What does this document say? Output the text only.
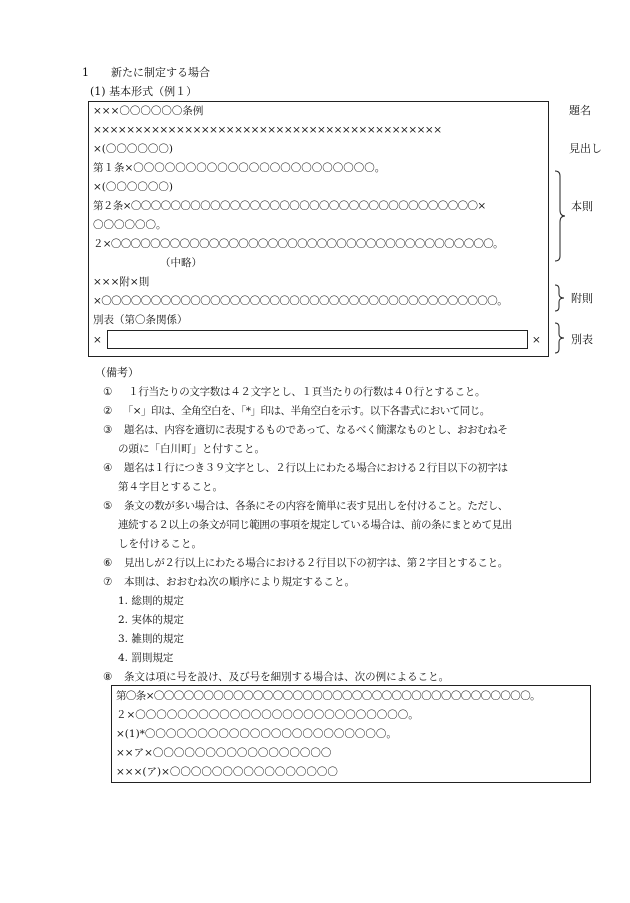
1　　新たに制定する場合
(1) 基本形式（例１）
×××〇〇〇〇〇〇条例
××××××××××××××××××××××××××××××××××××××××××
×(〇〇〇〇〇〇)
第１条×〇〇〇〇〇〇〇〇〇〇〇〇〇〇〇〇〇〇〇〇〇〇〇。
×(〇〇〇〇〇〇)
第２条×〇〇〇〇〇〇〇〇〇〇〇〇〇〇〇〇〇〇〇〇〇〇〇〇〇〇〇〇〇〇〇〇〇〇〇×
〇〇〇〇〇〇。
２×〇〇〇〇〇〇〇〇〇〇〇〇〇〇〇〇〇〇〇〇〇〇〇〇〇〇〇〇〇〇〇〇〇〇〇〇〇〇〇。
（中略）
×××附×則
×〇〇〇〇〇〇〇〇〇〇〇〇〇〇〇〇〇〇〇〇〇〇〇〇〇〇〇〇〇〇〇〇〇〇〇〇〇〇〇〇。
別表（第〇条関係）
×	×
題名
見出し
本則
附則
別表
（備考）
① 　１行当たりの文字数は４２文字とし、１頁当たりの行数は４０行とすること。
② 　「×」印は、全角空白を、「*」印は、半角空白を示す。以下各書式において同じ。
③ 題名は、内容を適切に表現するものであって、なるべく簡潔なものとし、おおむねそ
の頭に「白川町」と付すこと。
④ 題名は１行につき３９文字とし、２行以上にわたる場合における２行目以下の初字は
第４字目とすること。
⑤ 条文の数が多い場合は、各条にその内容を簡単に表す見出しを付けること。ただし、
連続する２以上の条文が同じ範囲の事項を規定している場合は、前の条にまとめて見出
しを付けること。
⑥ 見出しが２行以上にわたる場合における２行目以下の初字は、第２字目とすること。
⑦ 本則は、おおむね次の順序により規定すること。
1. 総則的規定
2. 実体的規定
3. 雑則的規定
4. 罰則規定
⑧ 条文は項に号を設け、及び号を細別する場合は、次の例によること。
第〇条×〇〇〇〇〇〇〇〇〇〇〇〇〇〇〇〇〇〇〇〇〇〇〇〇〇〇〇〇〇〇〇〇〇〇〇〇〇〇。
２×〇〇〇〇〇〇〇〇〇〇〇〇〇〇〇〇〇〇〇〇〇〇〇〇〇〇。
×(1)*〇〇〇〇〇〇〇〇〇〇〇〇〇〇〇〇〇〇〇〇〇〇〇。
××ア×〇〇〇〇〇〇〇〇〇〇〇〇〇〇〇〇〇
×××(ア)×〇〇〇〇〇〇〇〇〇〇〇〇〇〇〇〇
